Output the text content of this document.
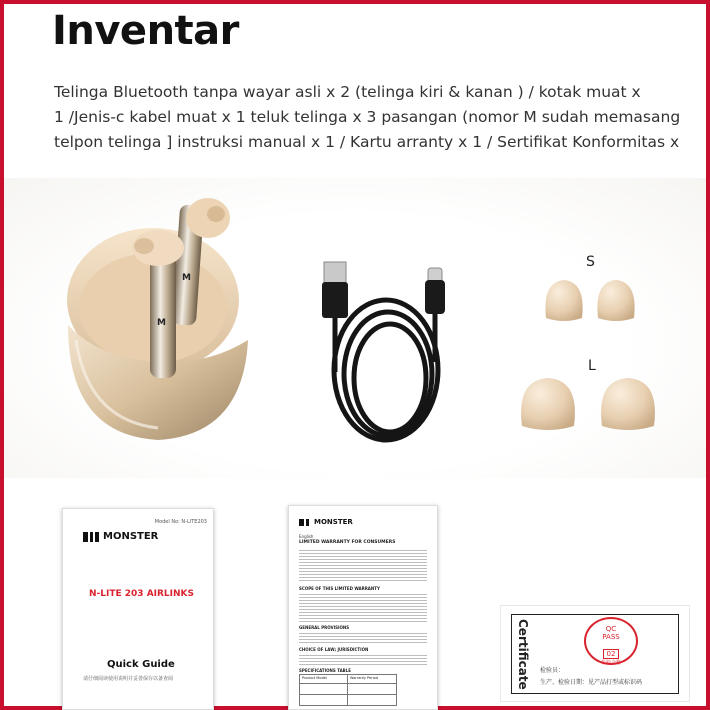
Inventar
Telinga Bluetooth tanpa wayar asli x 2 (telinga kiri & kanan ) / kotak muat x
1 /Jenis-c kabel muat x 1 teluk telinga x 3 pasangan (nomor M sudah memasang
telpon telinga ] instruksi manual x 1 / Kartu arranty x 1 / Sertifikat Konformitas x
M
M
S
L
Model No: N-LITE203
MONSTER
N-LITE 203 AIRLINKS
Quick Guide
请仔细阅读使用说明并妥善保存以备查阅
MONSTER
English
LIMITED WARRANTY FOR CONSUMERS
SCOPE OF THIS LIMITED WARRANTY
GENERAL PROVISIONS
CHOICE OF LAW; JURISDICTION
SPECIFICATIONS TABLE
Product Model	Warranty Period	Certificate	QC
PASS
02
检验合格
检验员：
生产、检验日期：见产品打型或标识码
